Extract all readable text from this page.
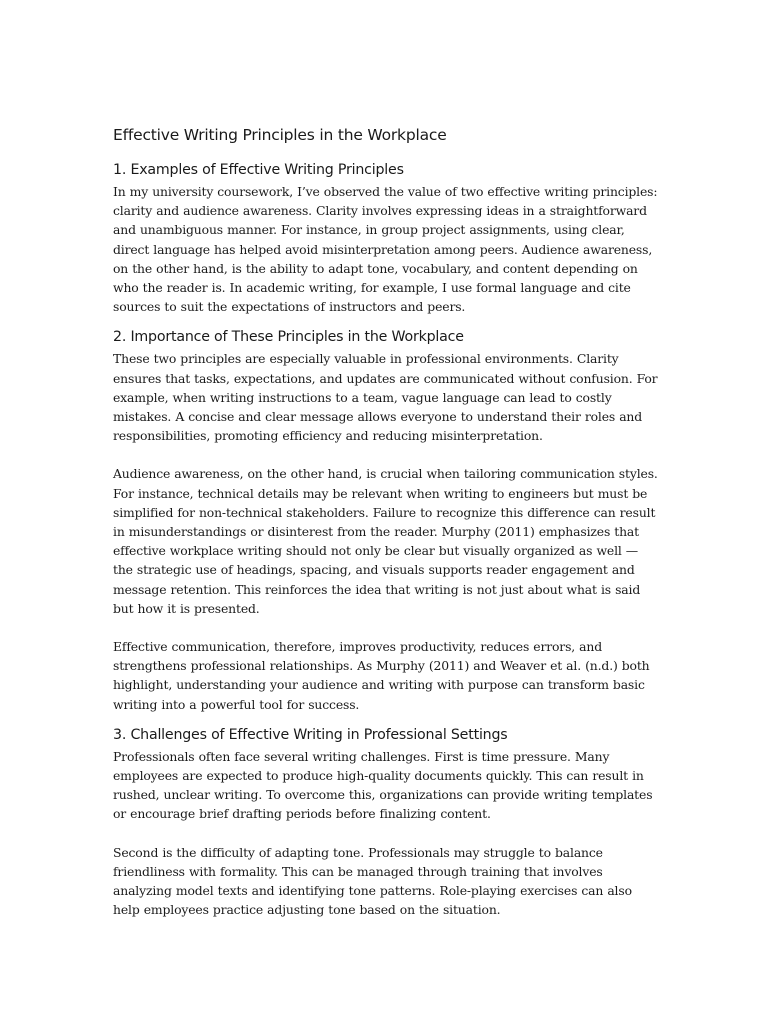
Effective Writing Principles in the Workplace
1. Examples of Effective Writing Principles

In my university coursework, I’ve observed the value of two effective writing principles: clarity and audience awareness. Clarity involves expressing ideas in a straightforward and unambiguous manner. For instance, in group project assignments, using clear, direct language has helped avoid misinterpretation among peers. Audience awareness, on the other hand, is the ability to adapt tone, vocabulary, and content depending on who the reader is. In academic writing, for example, I use formal language and cite sources to suit the expectations of instructors and peers.

2. Importance of These Principles in the Workplace

These two principles are especially valuable in professional environments. Clarity ensures that tasks, expectations, and updates are communicated without confusion. For example, when writing instructions to a team, vague language can lead to costly mistakes. A concise and clear message allows everyone to understand their roles and responsibilities, promoting efficiency and reducing misinterpretation.

Audience awareness, on the other hand, is crucial when tailoring communication styles. For instance, technical details may be relevant when writing to engineers but must be simplified for non-technical stakeholders. Failure to recognize this difference can result in misunderstandings or disinterest from the reader. Murphy (2011) emphasizes that effective workplace writing should not only be clear but visually organized as well — the strategic use of headings, spacing, and visuals supports reader engagement and message retention. This reinforces the idea that writing is not just about what is said but how it is presented.

Effective communication, therefore, improves productivity, reduces errors, and strengthens professional relationships. As Murphy (2011) and Weaver et al. (n.d.) both highlight, understanding your audience and writing with purpose can transform basic writing into a powerful tool for success.

3. Challenges of Effective Writing in Professional Settings

Professionals often face several writing challenges. First is time pressure. Many employees are expected to produce high-quality documents quickly. This can result in rushed, unclear writing. To overcome this, organizations can provide writing templates or encourage brief drafting periods before finalizing content.

Second is the difficulty of adapting tone. Professionals may struggle to balance friendliness with formality. This can be managed through training that involves analyzing model texts and identifying tone patterns. Role-playing exercises can also help employees practice adjusting tone based on the situation.
